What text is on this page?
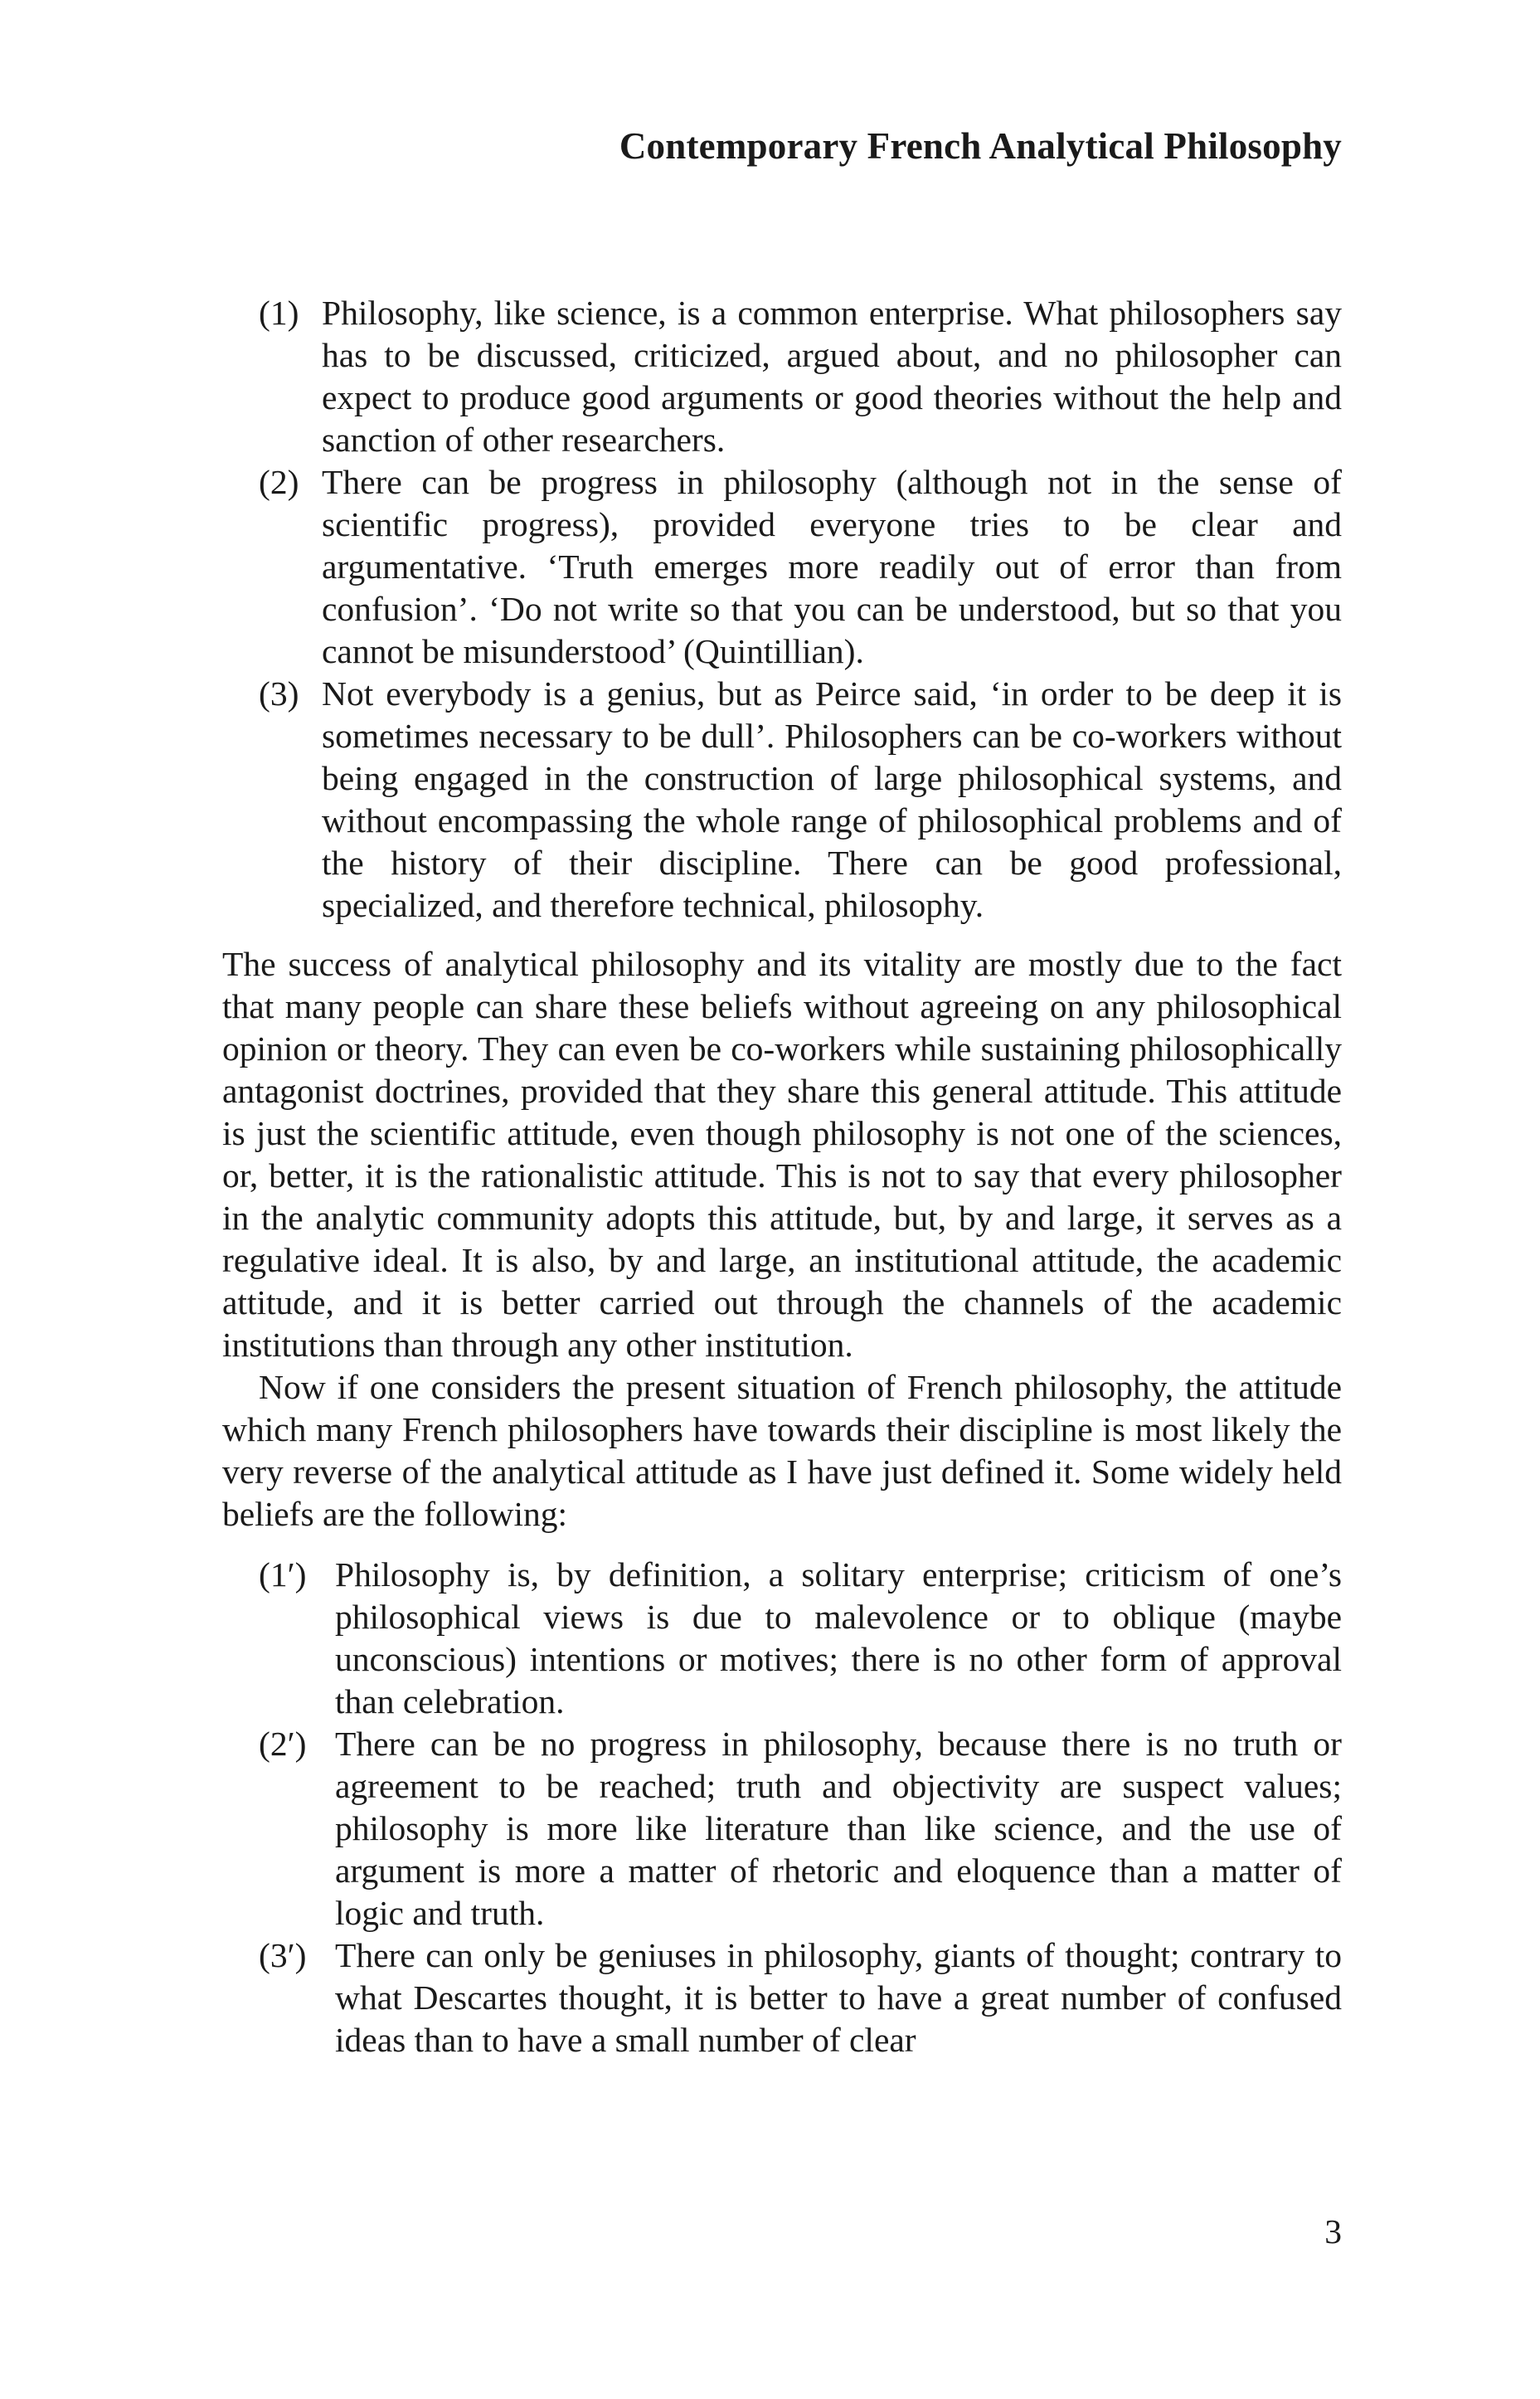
Contemporary French Analytical Philosophy
(1) Philosophy, like science, is a common enterprise. What philosophers say has to be discussed, criticized, argued about, and no philosopher can expect to produce good arguments or good theories without the help and sanction of other researchers.
(2) There can be progress in philosophy (although not in the sense of scientific progress), provided everyone tries to be clear and argumentative. ‘Truth emerges more readily out of error than from confusion’. ‘Do not write so that you can be understood, but so that you cannot be misunderstood’ (Quintillian).
(3) Not everybody is a genius, but as Peirce said, ‘in order to be deep it is sometimes necessary to be dull’. Philosophers can be co-workers without being engaged in the construction of large philosophical systems, and without encompassing the whole range of philosophical problems and of the history of their discipline. There can be good professional, specialized, and therefore technical, philosophy.

The success of analytical philosophy and its vitality are mostly due to the fact that many people can share these beliefs without agreeing on any philosophical opinion or theory. They can even be co-workers while sustaining philosophically antagonist doctrines, provided that they share this general attitude. This attitude is just the scientific attitude, even though philosophy is not one of the sciences, or, better, it is the rationalistic attitude. This is not to say that every philosopher in the analytic community adopts this attitude, but, by and large, it serves as a regulative ideal. It is also, by and large, an institutional attitude, the academic attitude, and it is better carried out through the channels of the academic institutions than through any other institution.

Now if one considers the present situation of French philosophy, the attitude which many French philosophers have towards their discipline is most likely the very reverse of the analytical attitude as I have just defined it. Some widely held beliefs are the following:

(1′) Philosophy is, by definition, a solitary enterprise; criticism of one’s philosophical views is due to malevolence or to oblique (maybe unconscious) intentions or motives; there is no other form of approval than celebration.
(2′) There can be no progress in philosophy, because there is no truth or agreement to be reached; truth and objectivity are suspect values; philosophy is more like literature than like science, and the use of argument is more a matter of rhetoric and eloquence than a matter of logic and truth.
(3′) There can only be geniuses in philosophy, giants of thought; contrary to what Descartes thought, it is better to have a great number of confused ideas than to have a small number of clear
3
